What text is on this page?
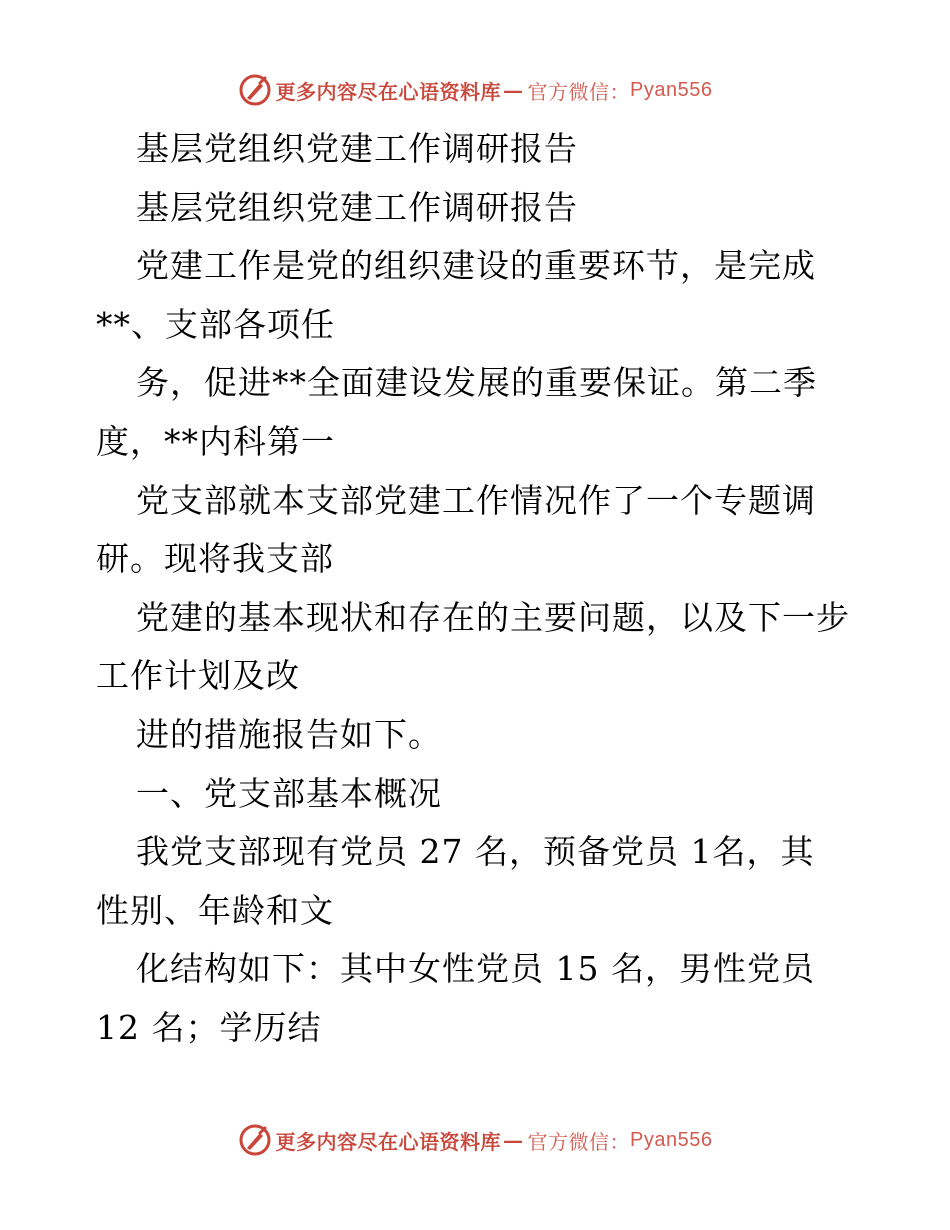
更多内容尽在心语资料库 — 官方微信： Pyan556
基层党组织党建工作调研报告
基层党组织党建工作调研报告
党建工作是党的组织建设的重要环节，是完成
**、支部各项任
务，促进**全面建设发展的重要保证。第二季
度，**内科第一
党支部就本支部党建工作情况作了一个专题调
研。现将我支部
党建的基本现状和存在的主要问题，以及下一步
工作计划及改
进的措施报告如下。
一、党支部基本概况
我党支部现有党员 27 名，预备党员 1名，其
性别、年龄和文
化结构如下：其中女性党员 15 名，男性党员
12 名；学历结
更多内容尽在心语资料库 — 官方微信： Pyan556
